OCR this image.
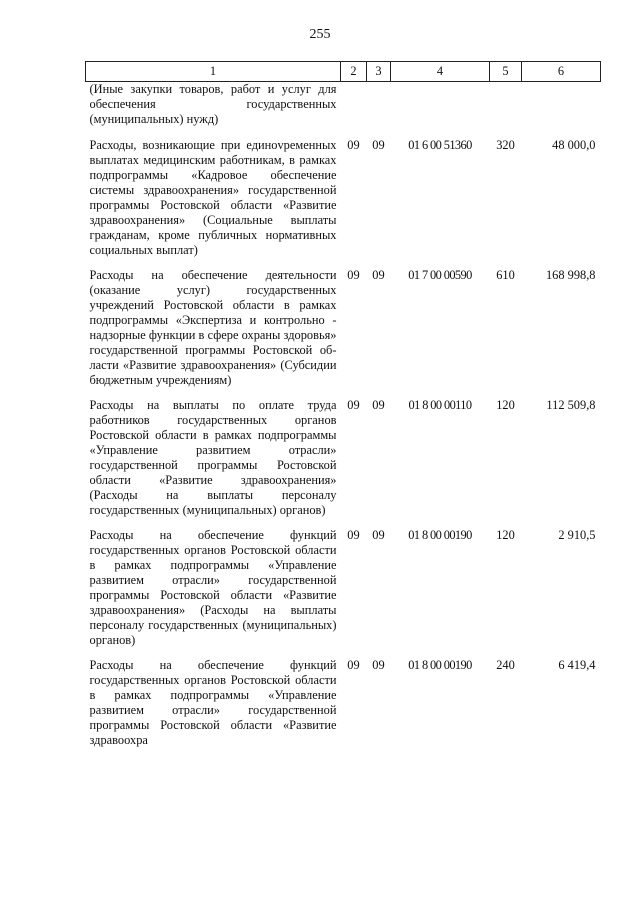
255
1	2	3	4	5	6
(Иные закупки товаров, работ и услуг для обеспечения государственных (муниципальных) нужд)					
Расходы, возникающие при единоvременных выплатах медицинским работникам, в рамках подпрограммы «Кадровое обеспечение системы здравоохранения» государственной программы Ростовской области «Развитие здравоохранения» (Социальные выплаты гражданам, кроме публичных нормативных социальных выплат)	09	09	01 6 00 51360	320	48 000,0
Расходы на обеспечение деятельности (оказание услуг) государственных учреждений Ростовской области в рамках подпрограммы «Экспертиза и контрольно - надзорные функции в сфере охраны здоровья» государственной программы Ростовской области «Развитие здравоохранения» (Субсидии бюджетным учреждениям)	09	09	01 7 00 00590	610	168 998,8
Расходы на выплаты по оплате труда работников государственных органов Ростовской области в рамках подпрограммы «Управление развитием отрасли» государственной программы Ростовской области «Развитие здравоохранения» (Расходы на выплаты персоналу государственных (муниципальных) органов)	09	09	01 8 00 00110	120	112 509,8
Расходы на обеспечение функций государственных органов Ростовской области в рамках подпрограммы «Управление развитием отрасли» государственной программы Ростовской области «Развитие здравоохранения» (Расходы на выплаты персоналу государственных (муниципальных) органов)	09	09	01 8 00 00190	120	2 910,5
Расходы на обеспечение функций государственных органов Ростовской области в рамках подпрограммы «Управление развитием отрасли» государственной программы Ростовской области «Развитие здравоохра	09	09	01 8 00 00190	240	6 419,4
